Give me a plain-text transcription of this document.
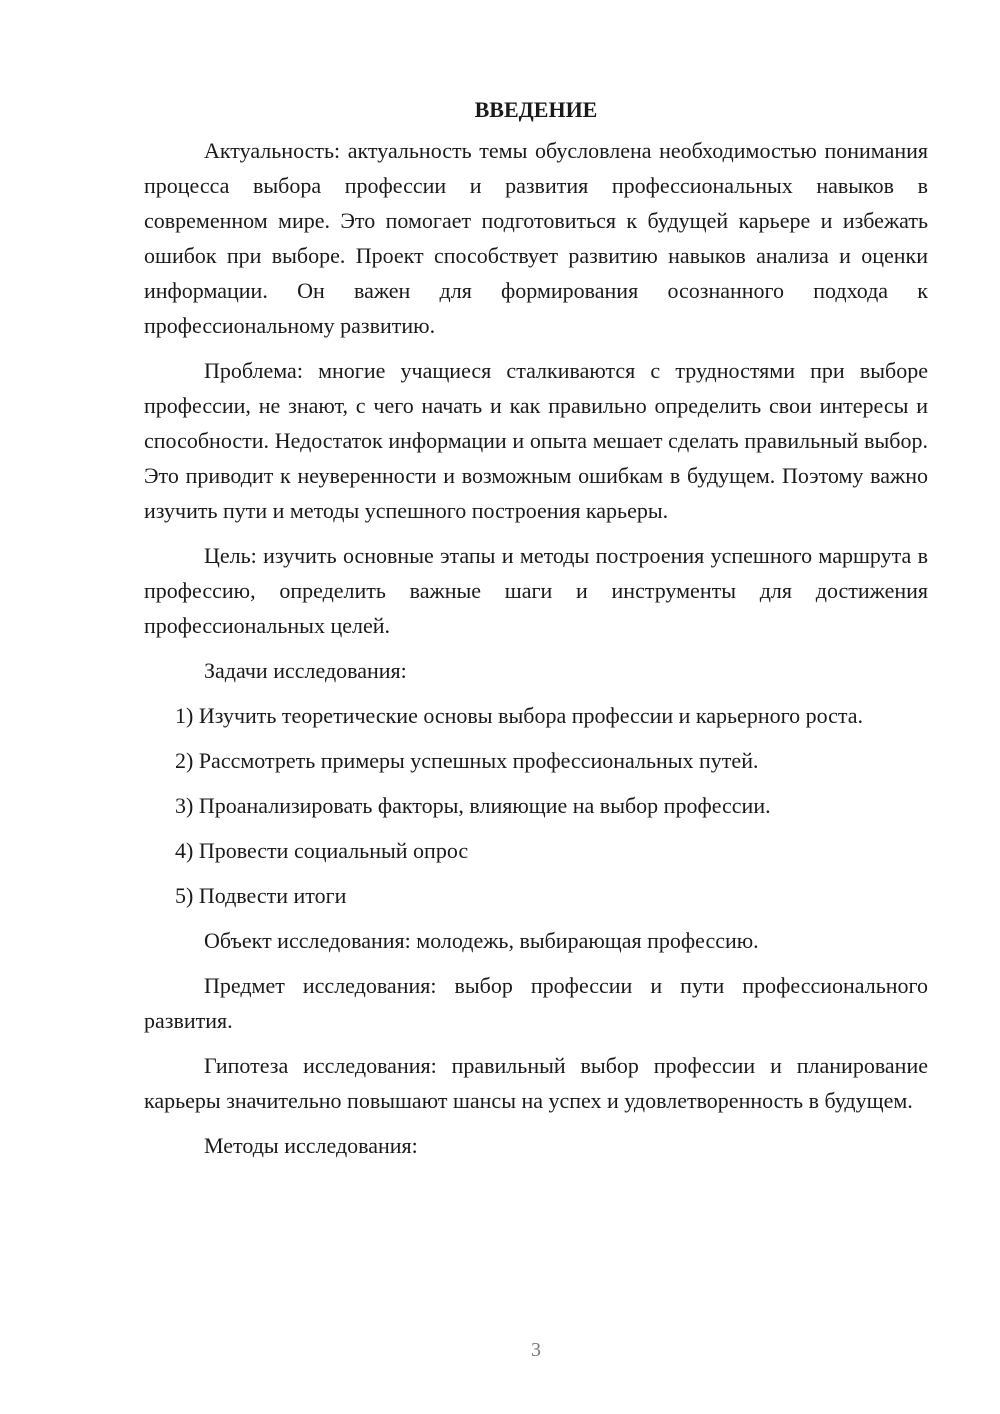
ВВЕДЕНИЕ

Актуальность: актуальность темы обусловлена необходимостью понимания процесса выбора профессии и развития профессиональных навыков в современном мире. Это помогает подготовиться к будущей карьере и избежать ошибок при выборе. Проект способствует развитию навыков анализа и оценки информации. Он важен для формирования осознанного подхода к профессиональному развитию.

Проблема: многие учащиеся сталкиваются с трудностями при выборе профессии, не знают, с чего начать и как правильно определить свои интересы и способности. Недостаток информации и опыта мешает сделать правильный выбор. Это приводит к неуверенности и возможным ошибкам в будущем. Поэтому важно изучить пути и методы успешного построения карьеры.

Цель: изучить основные этапы и методы построения успешного маршрута в профессию, определить важные шаги и инструменты для достижения профессиональных целей.

Задачи исследования:

1) Изучить теоретические основы выбора профессии и карьерного роста.

2) Рассмотреть примеры успешных профессиональных путей.

3) Проанализировать факторы, влияющие на выбор профессии.

4) Провести социальный опрос

5) Подвести итоги

Объект исследования: молодежь, выбирающая профессию.

Предмет исследования: выбор профессии и пути профессионального развития.

Гипотеза исследования: правильный выбор профессии и планирование карьеры значительно повышают шансы на успех и удовлетворенность в будущем.

Методы исследования:

3
